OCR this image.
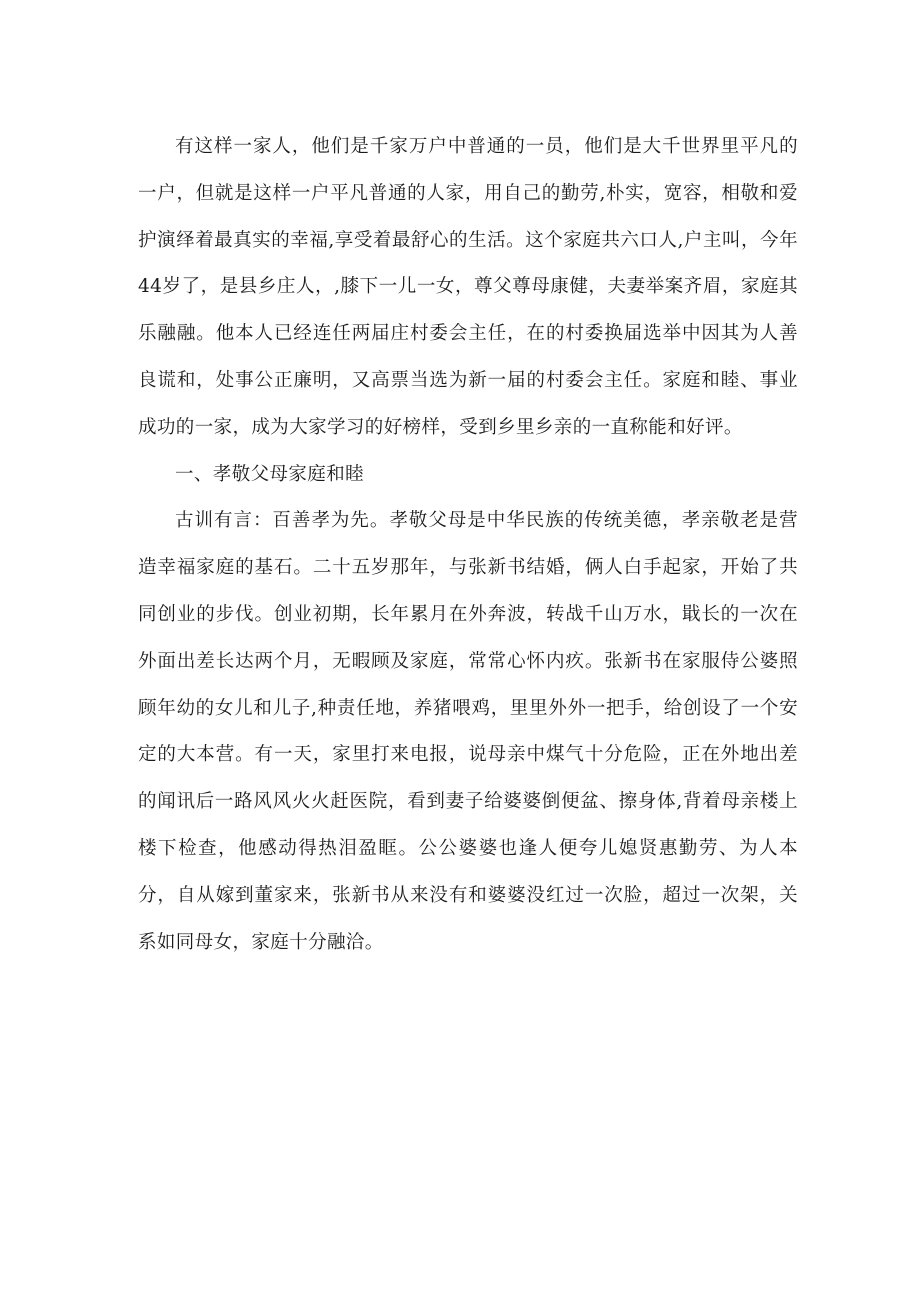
有这样一家人，他们是千家万户中普通的一员，他们是大千世界里平凡的一户，但就是这样一户平凡普通的人家，用自己的勤劳,朴实，宽容，相敬和爱护演绎着最真实的幸福,享受着最舒心的生活。这个家庭共六口人,户主叫，今年44岁了，是县乡庄人，,膝下一儿一女，尊父尊母康健，夫妻举案齐眉，家庭其乐融融。他本人已经连任两届庄村委会主任，在的村委换届选举中因其为人善良谎和，处事公正廉明，又高票当选为新一届的村委会主任。家庭和睦、事业成功的一家，成为大家学习的好榜样，受到乡里乡亲的一直称能和好评。

一、孝敬父母家庭和睦

古训有言：百善孝为先。孝敬父母是中华民族的传统美德，孝亲敬老是营造幸福家庭的基石。二十五岁那年，与张新书结婚，俩人白手起家，开始了共同创业的步伐。创业初期，长年累月在外奔波，转战千山万水，戢长的一次在外面出差长达两个月，无暇顾及家庭，常常心怀内疚。张新书在家服侍公婆照顾年幼的女儿和儿子,种责任地，养猪喂鸡，里里外外一把手，给创设了一个安定的大本营。有一天，家里打来电报，说母亲中煤气十分危险，正在外地出差的闻讯后一路风风火火赶医院，看到妻子给婆婆倒便盆、擦身体,背着母亲楼上楼下检查，他感动得热泪盈眶。公公婆婆也逢人便夸儿媳贤惠勤劳、为人本分，自从嫁到董家来，张新书从来没有和婆婆没红过一次脸，超过一次架，关系如同母女，家庭十分融洽。
